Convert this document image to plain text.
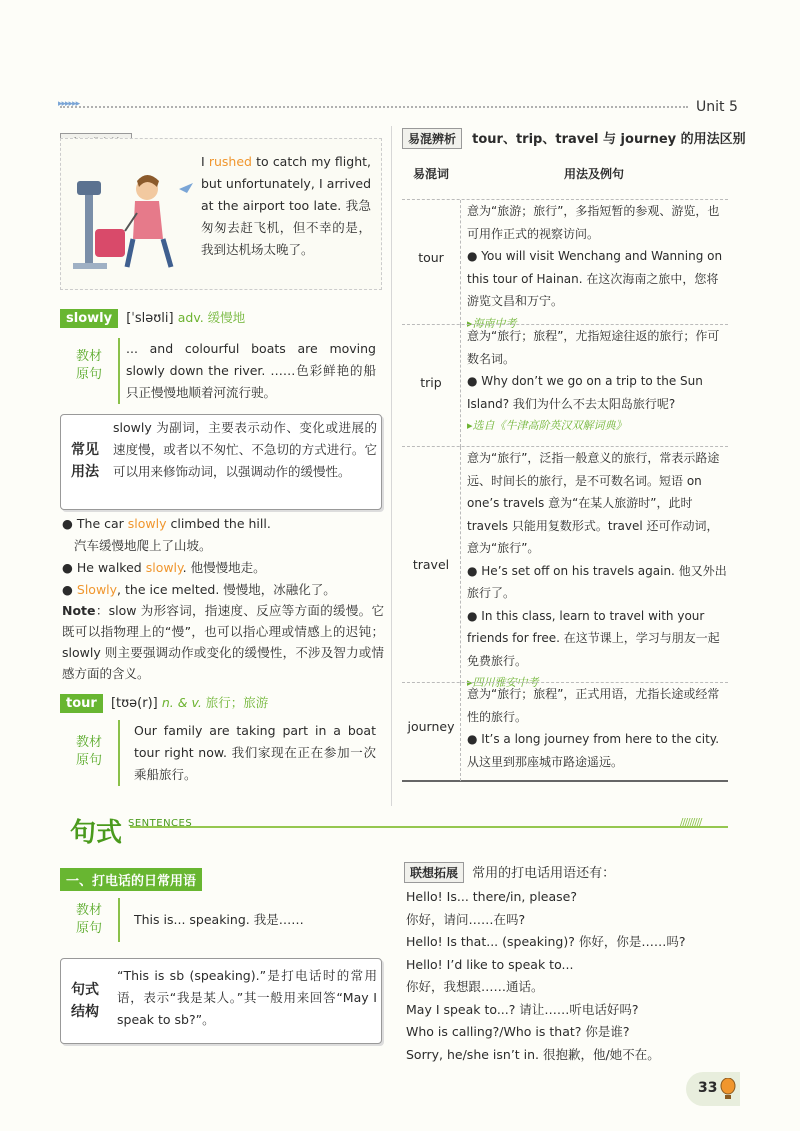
▸▸▸▸▸▸	Unit 5
I rushed to catch my flight, but unfortunately, I arrived at the airport too late. 我急匆匆去赶飞机，但不幸的是，我到达机场太晚了。
slowly [ˈsləʊli] adv. 缓慢地
教材
原句
... and colourful boats are moving slowly down the river. ……色彩鲜艳的船只正慢慢地顺着河流行驶。
常见
用法
slowly 为副词，主要表示动作、变化或进展的速度慢，或者以不匆忙、不急切的方式进行。它可以用来修饰动词，以强调动作的缓慢性。
● The car slowly climbed the hill.
汽车缓慢地爬上了山坡。
● He walked slowly. 他慢慢地走。
● Slowly, the ice melted. 慢慢地，冰融化了。
Note：slow 为形容词，指速度、反应等方面的缓慢。它既可以指物理上的“慢”，也可以指心理或情感上的迟钝；slowly 则主要强调动作或变化的缓慢性，不涉及智力或情感方面的含义。
tour [tʊə(r)] n. & v. 旅行；旅游
教材
原句
Our family are taking part in a boat tour right now. 我们家现在正在参加一次乘船旅行。
易混辨析 tour、trip、travel 与 journey 的用法区别
易混词	用法及例句
tour
意为“旅游；旅行”，多指短暂的参观、游览，也可用作正式的视察访问。
● You will visit Wenchang and Wanning on this tour of Hainan. 在这次海南之旅中，您将游览文昌和万宁。
▸海南中考
trip
意为“旅行；旅程”，尤指短途往返的旅行；作可数名词。
● Why don’t we go on a trip to the Sun Island? 我们为什么不去太阳岛旅行呢?
▸选自《牛津高阶英汉双解词典》
travel
意为“旅行”，泛指一般意义的旅行，常表示路途远、时间长的旅行，是不可数名词。短语 on one’s travels 意为“在某人旅游时”，此时 travels 只能用复数形式。travel 还可作动词，意为“旅行”。
● He’s set off on his travels again. 他又外出旅行了。
● In this class, learn to travel with your friends for free. 在这节课上，学习与朋友一起免费旅行。
▸四川雅安中考
journey
意为“旅行；旅程”，正式用语，尤指长途或经常性的旅行。
● It’s a long journey from here to the city. 从这里到那座城市路途遥远。
句式 SENTENCES	/////////
一、打电话的日常用语
教材
原句
This is... speaking. 我是……
句式
结构
“This is sb (speaking).”是打电话时的常用语，表示“我是某人。”其一般用来回答“May I speak to sb?”。
联想拓展 常用的打电话用语还有：
Hello! Is... there/in, please?
你好，请问……在吗?
Hello! Is that... (speaking)? 你好，你是……吗?
Hello! I’d like to speak to...
你好，我想跟……通话。
May I speak to...? 请让……听电话好吗?
Who is calling?/Who is that? 你是谁?
Sorry, he/she isn’t in. 很抱歉，他/她不在。
33
